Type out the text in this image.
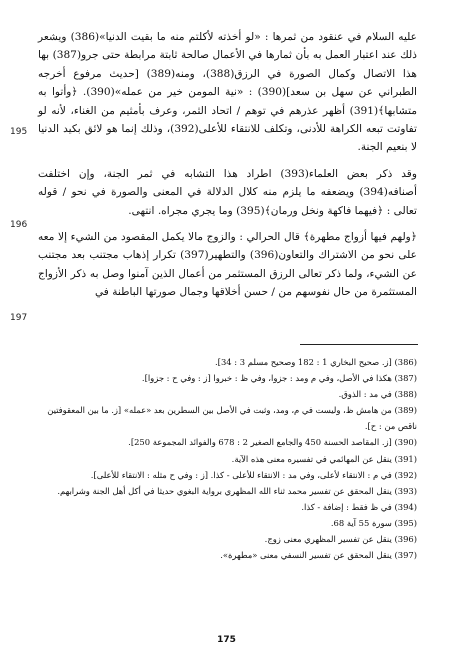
عليه السلام في عنقود من ثمرها : «لو أخذته لأكلتم منه ما بقيت الدنيا»(386) ويشعر ذلك عند اعتبار العمل به بأن ثمارها في الأعمال صالحة ثابتة مرابطة حتى جرو(387) بها هذا الاتصال وكمال الصورة في الرزق(388)، ومنه(389) [حديث مرفوع أخرجه الطبراني عن سهل بن سعد](390) : «نية المومن خير من عمله»(390). ﴿وأتوا به متشابها﴾(391) أظهر عذرهم في توهم / اتحاد الثمر، وعرف بأمثيم من الغناء، لأنه لو تفاوتت تبعه الكراهة للأدنى، وتكلف للانتقاء للأعلى(392)، وذلك إنما هو لائق بكيد الدنيا لا بنعيم الجنة.

وقد ذكر بعض العلماء(393) اطراد هذا التشابه في ثمر الجنة، وإن اختلفت أصنافه(394) ويضعفه ما يلزم منه كلال الدلالة في المعنى والصورة في نحو / قوله تعالى : ﴿فيهما فاكهة ونخل ورمان﴾(395) وما يجري مجراه. انتهى.

﴿ولهم فيها أزواج مطهرة﴾ قال الحرالي : والزوج مالا يكمل المقصود من الشيء إلا معه على نحو من الاشتراك والتعاون(396) والتطهير(397) تكرار إذهاب مجتنب بعد مجتنب عن الشيء، ولما ذكر تعالى الرزق المستثمر من أعمال الذين آمنوا وصل به ذكر الأزواج المستثمرة من حال نفوسهم من / حسن أخلاقها وجمال صورتها الباطنة في

195
196
197

(386) [ز. صحيح البخاري 1 : 182 وصحيح مسلم 3 : 34].

(387) هكذا في الأصل، وفي م ومد : جزوا، وفي ظ : خبروا [ز : وفي ح : جزوا].

(388) في مد : الذوق.

(389) من هامش ظ، وليست في م، ومد، وثبت في الأصل بين السطرين بعد «عمله» [ز. ما بين المعقوفتين ناقص من : ح].

(390) [ز. المقاصد الحسنة 450 والجامع الصغير 2 : 678 والفوائد المجموعة 250].

(391) ينقل عن المهائمي في تفسيره معنى هذه الآية.

(392) في م : الانتقاء لأعلى، وفي مد : الانتقاء للأعلى - كذا. [ز : وفي ح مثله : الانتقاء للأعلى].

(393) ينقل المحقق عن تفسير محمد ثناء الله المظهري برواية البغوي حديثا في أكل أهل الجنة وشرابهم.

(394) في ظ فقط : إضافة - كذا.

(395) سورة 55 آية 68.

(396) ينقل عن تفسير المظهري معنى زوج.

(397) ينقل المحقق عن تفسير النسفي معنى «مطهرة».

175
